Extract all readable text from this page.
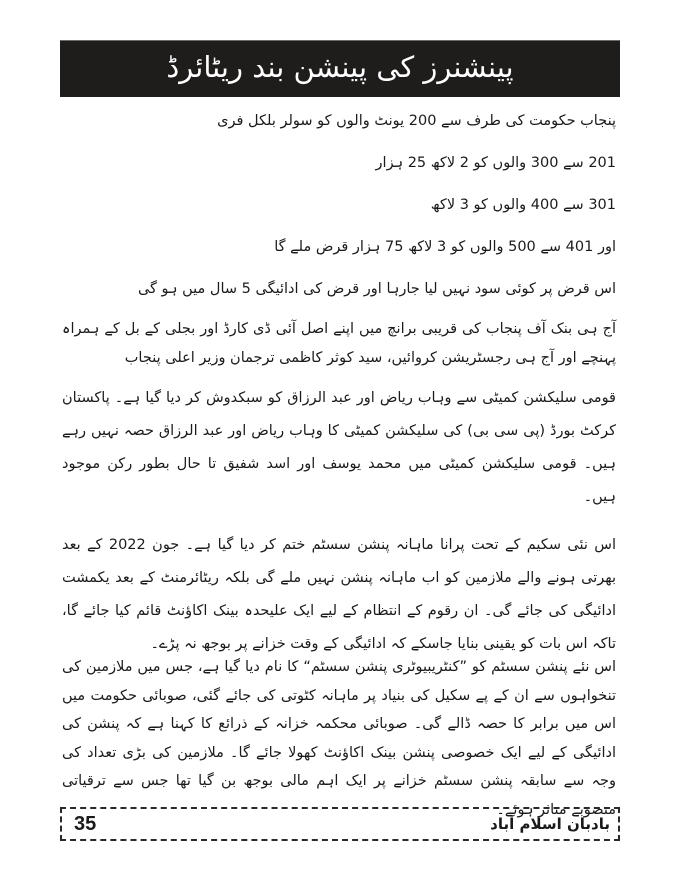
پینشنرز کی پینشن بند ریٹائرڈ
پنجاب حکومت کی طرف سے 200 یونٹ والوں کو سولر بلکل فری
201 سے 300 والوں کو 2 لاکھ 25 ہزار
301 سے 400 والوں کو 3 لاکھ
اور 401 سے 500 والوں کو 3 لاکھ 75 ہزار قرض ملے گا
اس قرض پر کوئی سود نہیں لیا جارہا اور قرض کی ادائیگی 5 سال میں ہو گی
آج ہی بنک آف پنجاب کی قریبی برانچ میں اپنے اصل آئی ڈی کارڈ اور بجلی کے بل کے ہمراہ پہنچے اور آج ہی رجسٹریشن کروائیں، سید کوثر کاظمی ترجمان وزیر اعلی پنجاب
قومی سلیکشن کمیٹی سے وہاب ریاض اور عبد الرزاق کو سبکدوش کر دیا گیا ہے۔ پاکستان کرکٹ بورڈ (پی سی بی) کی سلیکشن کمیٹی کا وہاب ریاض اور عبد الرزاق حصہ نہیں رہے ہیں۔ قومی سلیکشن کمیٹی میں محمد یوسف اور اسد شفیق تا حال بطور رکن موجود ہیں۔
اس نئی سکیم کے تحت پرانا ماہانہ پنشن سسٹم ختم کر دیا گیا ہے۔ جون 2022 کے بعد بھرتی ہونے والے ملازمین کو اب ماہانہ پنشن نہیں ملے گی بلکہ ریٹائرمنٹ کے بعد یکمشت ادائیگی کی جائے گی۔ ان رقوم کے انتظام کے لیے ایک علیحدہ بینک اکاؤنٹ قائم کیا جائے گا، تاکہ اس بات کو یقینی بنایا جاسکے کہ ادائیگی کے وقت خزانے پر بوجھ نہ پڑے۔
اس نئے پنشن سسٹم کو ”کنٹریبیوٹری پنشن سسٹم“ کا نام دیا گیا ہے، جس میں ملازمین کی تنخواہوں سے ان کے پے سکیل کی بنیاد پر ماہانہ کٹوتی کی جائے گئی، صوبائی حکومت میں اس میں برابر کا حصہ ڈالے گی۔ صوبائی محکمہ خزانہ کے ذرائع کا کہنا ہے کہ پنشن کی ادائیگی کے لیے ایک خصوصی پنشن بینک اکاؤنٹ کھولا جائے گا۔ ملازمین کی بڑی تعداد کی وجہ سے سابقہ پنشن سسٹم خزانے پر ایک اہم مالی بوجھ بن گیا تھا جس سے ترقیاتی منصوبے متاثر ہوئے۔
35	بادبان اسلام آباد
